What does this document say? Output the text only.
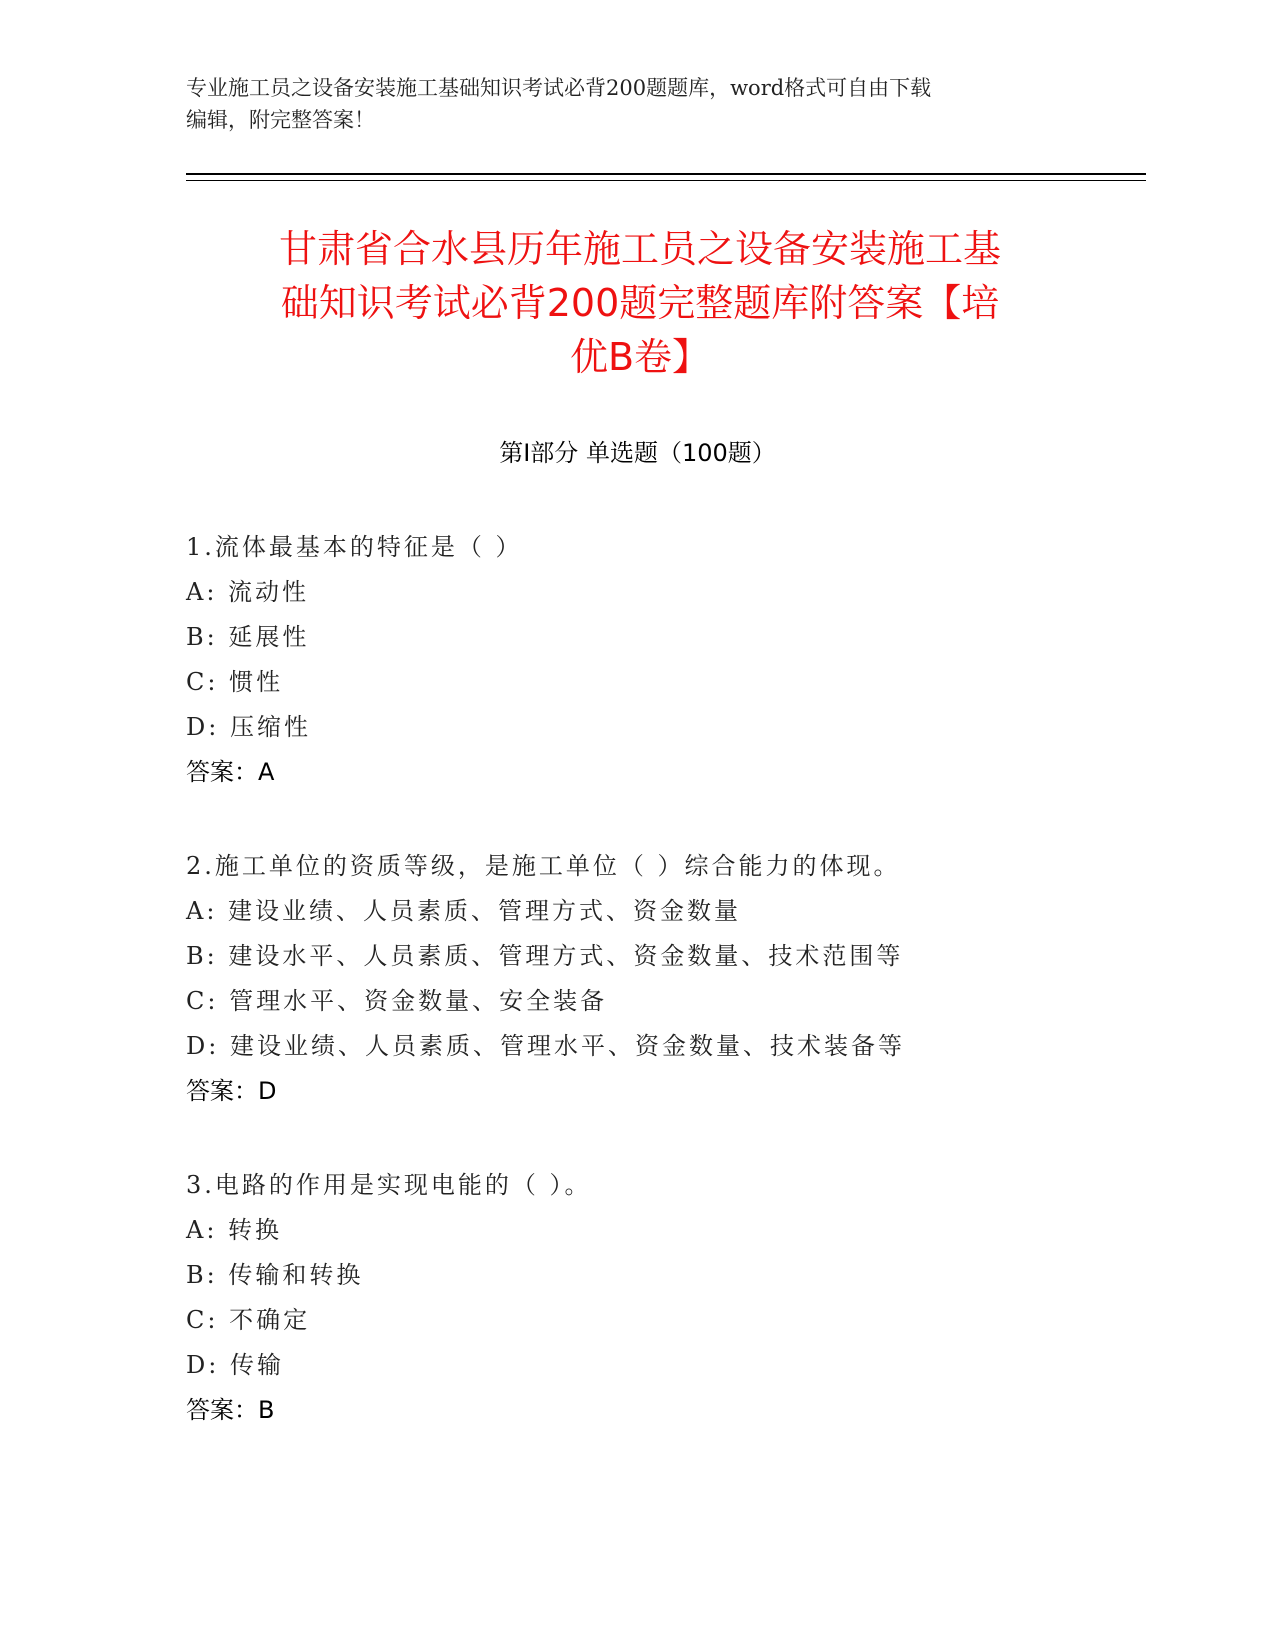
专业施工员之设备安装施工基础知识考试必背200题题库，word格式可自由下载
编辑，附完整答案！
甘肃省合水县历年施工员之设备安装施工基
础知识考试必背200题完整题库附答案【培
优B卷】
第Ⅰ部分 单选题（100题）
1.流体最基本的特征是（ ）
A: 流动性
B: 延展性
C: 惯性
D: 压缩性
答案：A
2.施工单位的资质等级，是施工单位（ ）综合能力的体现。
A: 建设业绩、人员素质、管理方式、资金数量
B: 建设水平、人员素质、管理方式、资金数量、技术范围等
C: 管理水平、资金数量、安全装备
D: 建设业绩、人员素质、管理水平、资金数量、技术装备等
答案：D
3.电路的作用是实现电能的（ ）。
A: 转换
B: 传输和转换
C: 不确定
D: 传输
答案：B
